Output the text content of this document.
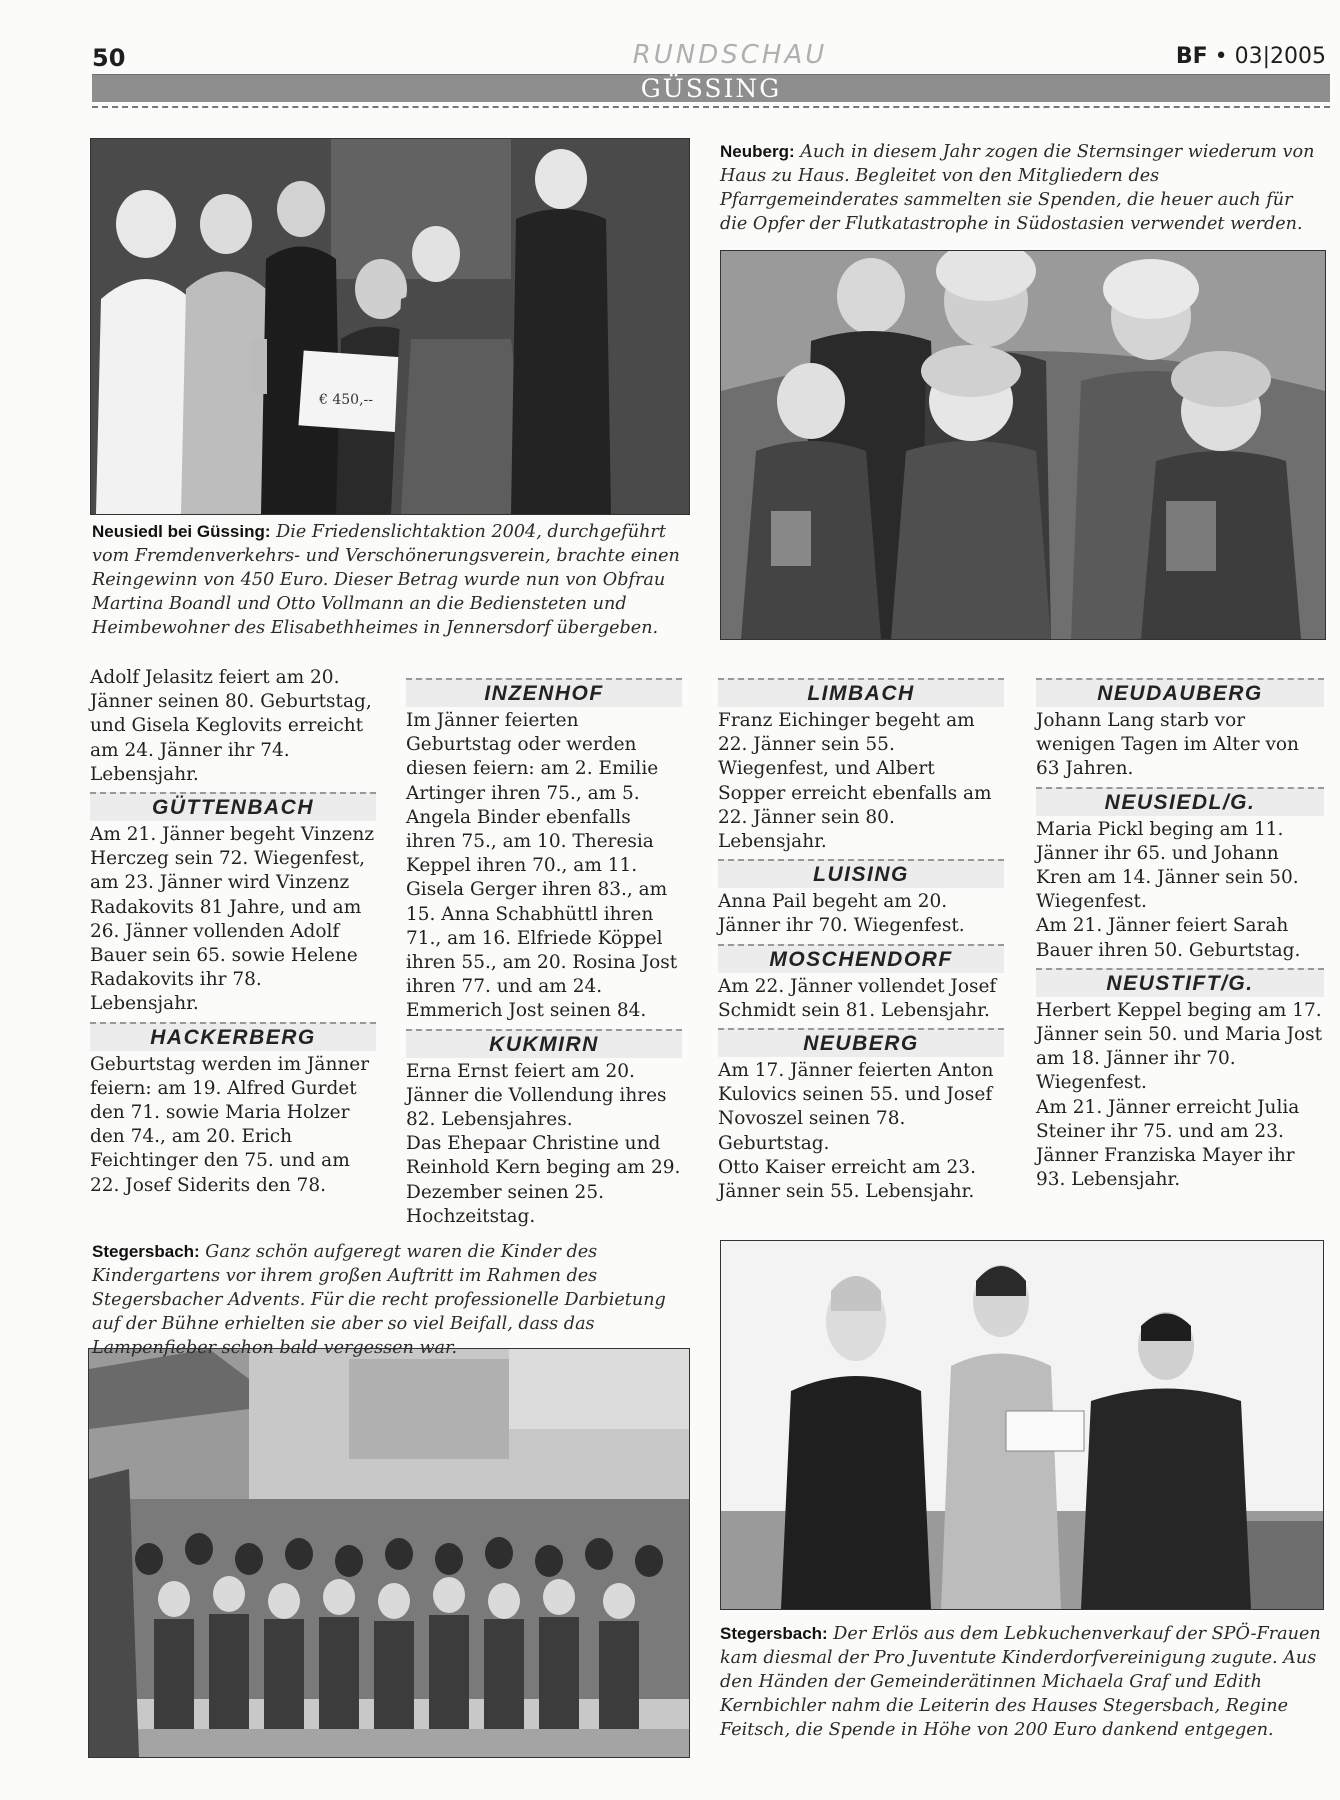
50	RUNDSCHAU	BF • 03|2005
GÜSSING
€ 450,--
Neusiedl bei Güssing: Die Friedenslichtaktion 2004, durchgeführt vom Fremdenverkehrs- und Verschönerungsverein, brachte einen Reingewinn von 450 Euro. Dieser Betrag wurde nun von Obfrau Martina Boandl und Otto Vollmann an die Bediensteten und Heimbewohner des Elisabethheimes in Jennersdorf übergeben.
Neuberg: Auch in diesem Jahr zogen die Sternsinger wiederum von Haus zu Haus. Begleitet von den Mitgliedern des Pfarrgemeinderates sammelten sie Spenden, die heuer auch für die Opfer der Flutkatastrophe in Südostasien verwendet werden.
Stegersbach: Ganz schön aufgeregt waren die Kinder des Kindergartens vor ihrem großen Auftritt im Rahmen des Stegersbacher Advents. Für die recht professionelle Darbietung auf der Bühne erhielten sie aber so viel Beifall, dass das Lampenfieber schon bald vergessen war.
Stegersbach: Der Erlös aus dem Lebkuchenverkauf der SPÖ-Frauen kam diesmal der Pro Juventute Kinderdorfvereinigung zugute. Aus den Händen der Gemeinderätinnen Michaela Graf und Edith Kernbichler nahm die Leiterin des Hauses Stegersbach, Regine Feitsch, die Spende in Höhe von 200 Euro dankend entgegen.

Adolf Jelasitz feiert am 20. Jänner seinen 80. Geburtstag, und Gisela Keglovits erreicht am 24. Jänner ihr 74. Lebensjahr.

GÜTTENBACH

Am 21. Jänner begeht Vinzenz Herczeg sein 72. Wiegenfest, am 23. Jänner wird Vinzenz Radakovits 81 Jahre, und am 26. Jänner vollenden Adolf Bauer sein 65. sowie Helene Radakovits ihr 78. Lebensjahr.

HACKERBERG

Geburtstag werden im Jänner feiern: am 19. Alfred Gurdet den 71. sowie Maria Holzer den 74., am 20. Erich Feichtinger den 75. und am 22. Josef Siderits den 78.

INZENHOF

Im Jänner feierten Geburtstag oder werden diesen feiern: am 2. Emilie Artinger ihren 75., am 5. Angela Binder ebenfalls ihren 75., am 10. Theresia Keppel ihren 70., am 11. Gisela Gerger ihren 83., am 15. Anna Schabhüttl ihren 71., am 16. Elfriede Köppel ihren 55., am 20. Rosina Jost ihren 77. und am 24. Emmerich Jost seinen 84.

KUKMIRN

Erna Ernst feiert am 20. Jänner die Vollendung ihres 82. Lebensjahres.

Das Ehepaar Christine und Reinhold Kern beging am 29. Dezember seinen 25. Hochzeitstag.

LIMBACH

Franz Eichinger begeht am 22. Jänner sein 55. Wiegenfest, und Albert Sopper erreicht ebenfalls am 22. Jänner sein 80. Lebensjahr.

LUISING

Anna Pail begeht am 20. Jänner ihr 70. Wiegenfest.

MOSCHENDORF

Am 22. Jänner vollendet Josef Schmidt sein 81. Lebensjahr.

NEUBERG

Am 17. Jänner feierten Anton Kulovics seinen 55. und Josef Novoszel seinen 78. Geburtstag.

Otto Kaiser erreicht am 23. Jänner sein 55. Lebensjahr.

NEUDAUBERG

Johann Lang starb vor wenigen Tagen im Alter von 63 Jahren.

NEUSIEDL/G.

Maria Pickl beging am 11. Jänner ihr 65. und Johann Kren am 14. Jänner sein 50. Wiegenfest.

Am 21. Jänner feiert Sarah Bauer ihren 50. Geburtstag.

NEUSTIFT/G.

Herbert Keppel beging am 17. Jänner sein 50. und Maria Jost am 18. Jänner ihr 70. Wiegenfest.

Am 21. Jänner erreicht Julia Steiner ihr 75. und am 23. Jänner Franziska Mayer ihr 93. Lebensjahr.
